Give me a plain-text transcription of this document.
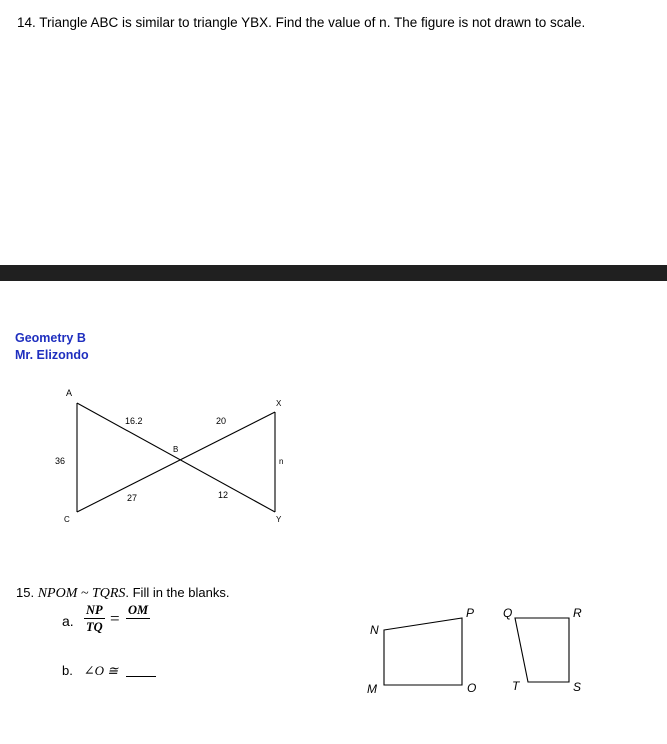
14. Triangle ABC is similar to triangle YBX. Find the value of n. The figure is not drawn to scale.
Geometry B
Mr. Elizondo
A
B
C
X
Y
36
16.2
27
20
12
n
N
P
O
M
Q	R
T	S
15. NPOM ~ TQRS. Fill in the blanks.
a. $\frac{NP}{TQ}$ = OM

b. ∠O ≅
